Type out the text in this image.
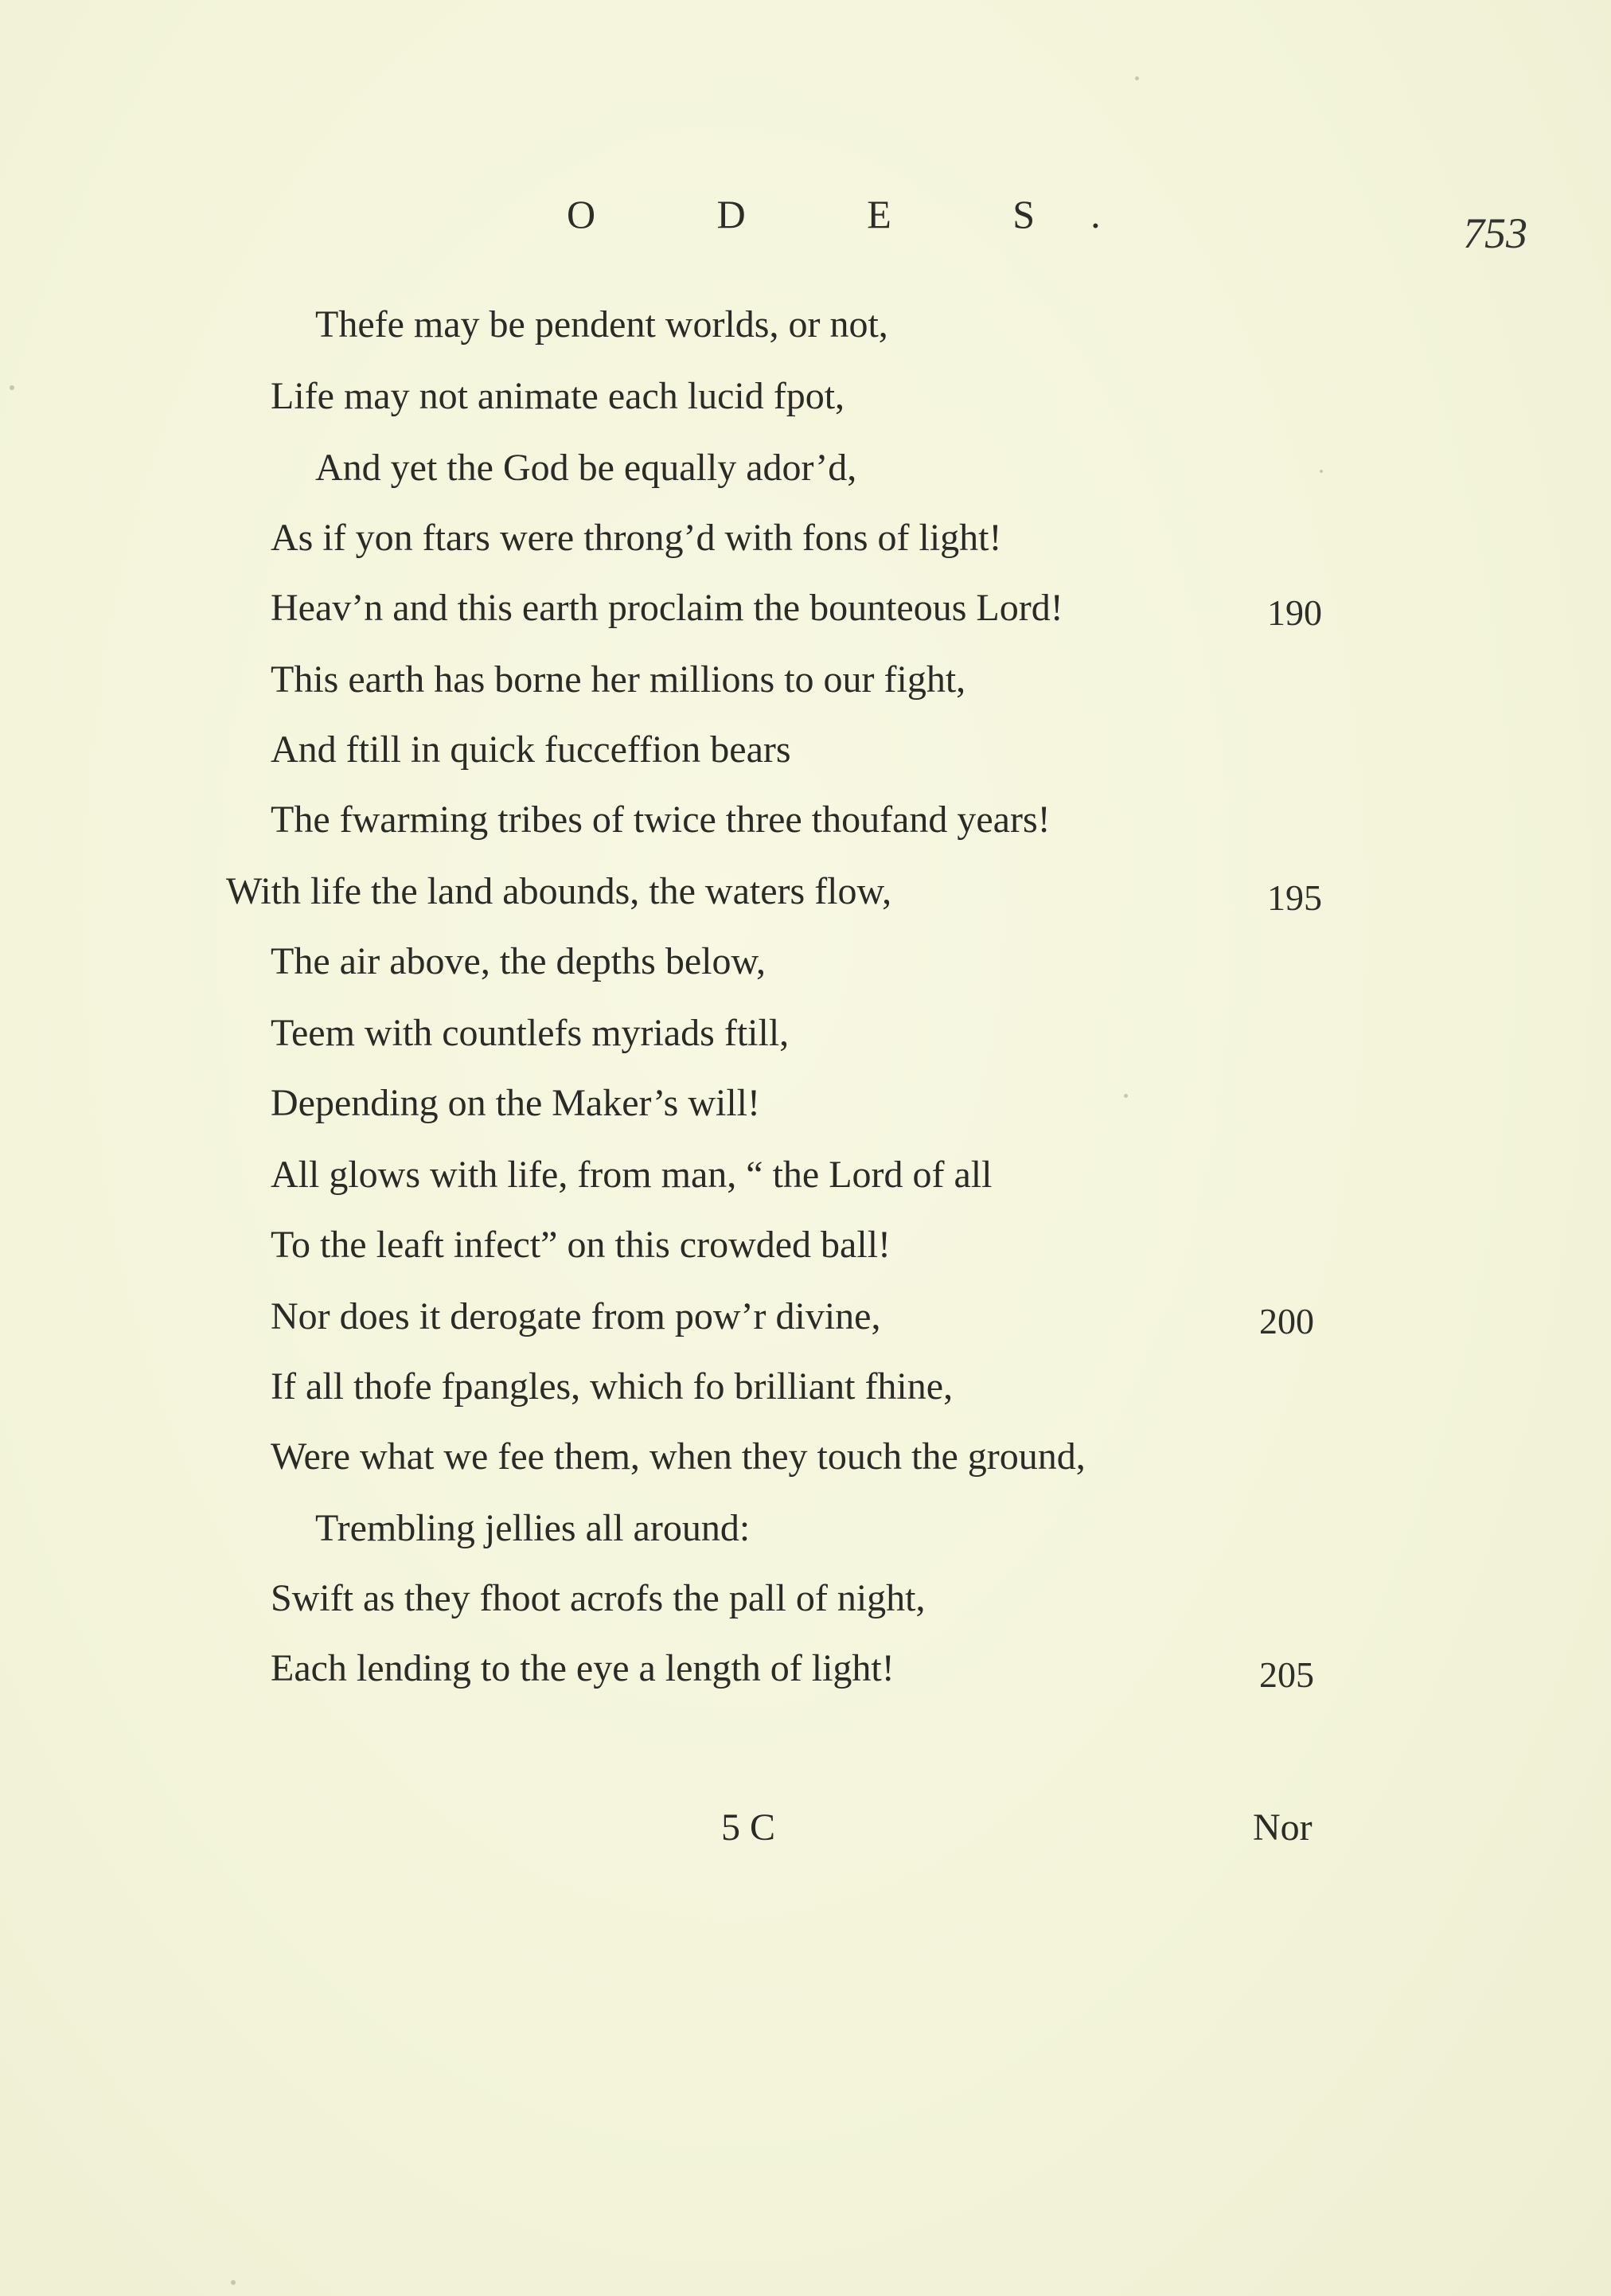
O D E S.	753
Thefe may be pendent worlds, or not,
Life may not animate each lucid fpot,
And yet the God be equally ador’d,
As if yon ftars were throng’d with fons of light!
Heav’n and this earth proclaim the bounteous Lord!	190
This earth has borne her millions to our fight,
And ftill in quick fucceffion bears
The fwarming tribes of twice three thoufand years!
With life the land abounds, the waters flow,	195
The air above, the depths below,
Teem with countlefs myriads ftill,
Depending on the Maker’s will!
All glows with life, from man, “ the Lord of all
To the leaft infect” on this crowded ball!
Nor does it derogate from pow’r divine,	200
If all thofe fpangles, which fo brilliant fhine,
Were what we fee them, when they touch the ground,
Trembling jellies all around:
Swift as they fhoot acrofs the pall of night,
Each lending to the eye a length of light!	205
5 C	Nor
